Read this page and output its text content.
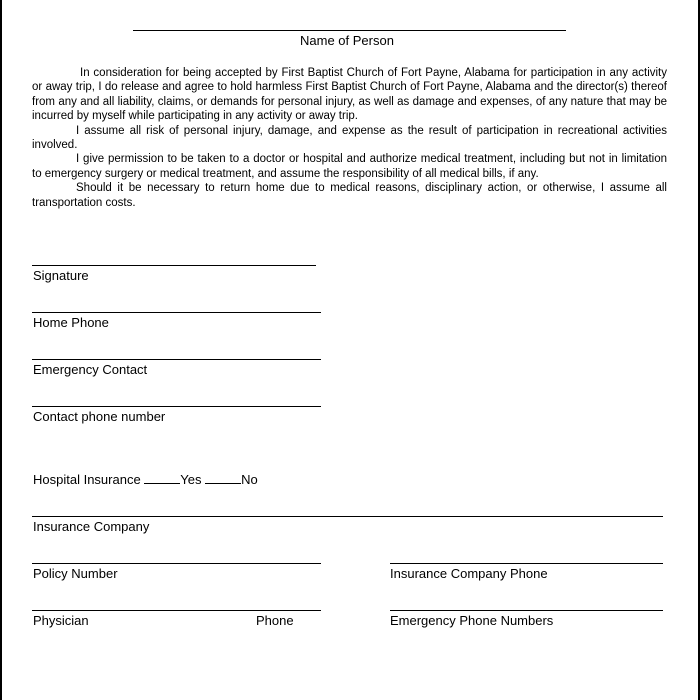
Name of Person

In consideration for being accepted by First Baptist Church of Fort Payne, Alabama for participation in any activity or away trip, I do release and agree to hold harmless First Baptist Church of Fort Payne, Alabama and the director(s) thereof from any and all liability, claims, or demands for personal injury, as well as damage and expenses, of any nature that may be incurred by myself while participating in any activity or away trip.

I assume all risk of personal injury, damage, and expense as the result of participation in recreational activities involved.

I give permission to be taken to a doctor or hospital and authorize medical treatment, including but not in limitation to emergency surgery or medical treatment, and assume the responsibility of all medical bills, if any.

Should it be necessary to return home due to medical reasons, disciplinary action, or otherwise, I assume all transportation costs.

Signature
Home Phone
Emergency Contact
Contact phone number
Hospital Insurance	Yes	No
Insurance Company
Policy Number	Insurance Company Phone
Physician	Phone	Emergency Phone Numbers
